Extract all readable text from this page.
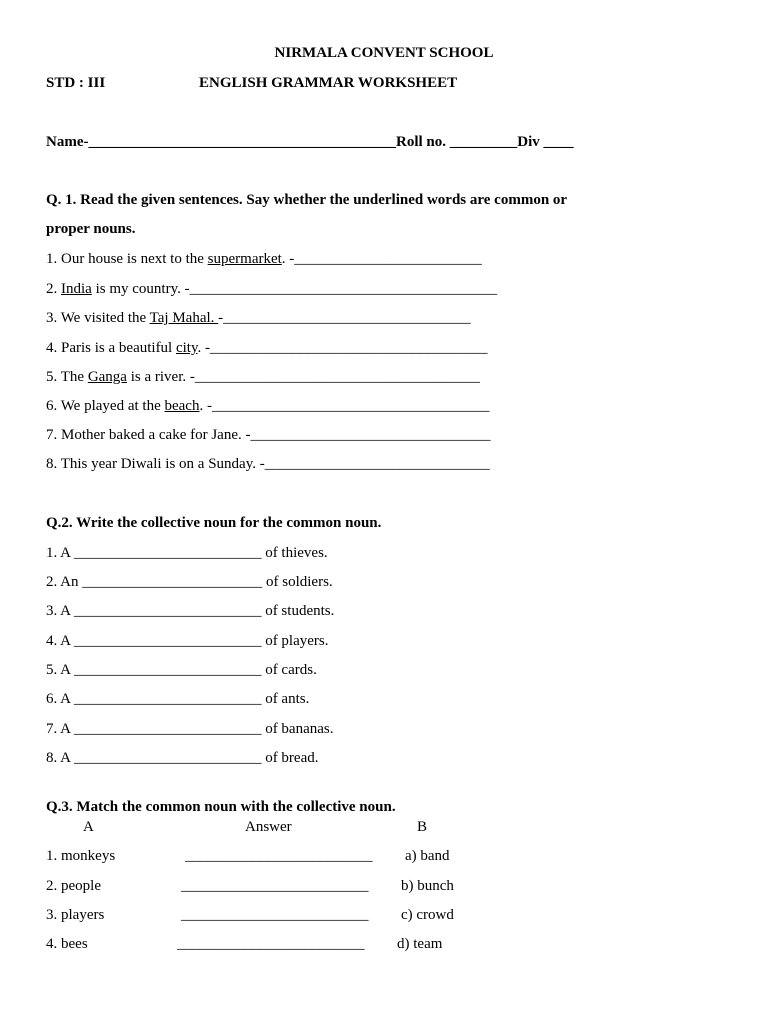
NIRMALA CONVENT SCHOOL
STD : III	ENGLISH GRAMMAR WORKSHEET
Name-_________________________________________Roll no. _________Div ____
Q. 1. Read the given sentences. Say whether the underlined words are common or
proper nouns.
1. Our house is next to the supermarket. -_________________________
2. India is my country. -_________________________________________
3. We visited the Taj Mahal. -_________________________________
4. Paris is a beautiful city. -_____________________________________
5. The Ganga is a river. -______________________________________
6. We played at the beach. -_____________________________________
7. Mother baked a cake for Jane. -________________________________
8. This year Diwali is on a Sunday. -______________________________
Q.2. Write the collective noun for the common noun.
1. A _________________________ of thieves.
2. An ________________________ of soldiers.
3. A _________________________ of students.
4. A _________________________ of players.
5. A _________________________ of cards.
6. A _________________________ of ants.
7. A _________________________ of bananas.
8. A _________________________ of bread.
Q.3. Match the common noun with the collective noun.
A	Answer	B
1. monkeys	_________________________ a) band
2. people	_________________________ b) bunch
3. players	_________________________ c) crowd
4. bees	_________________________ d) team
